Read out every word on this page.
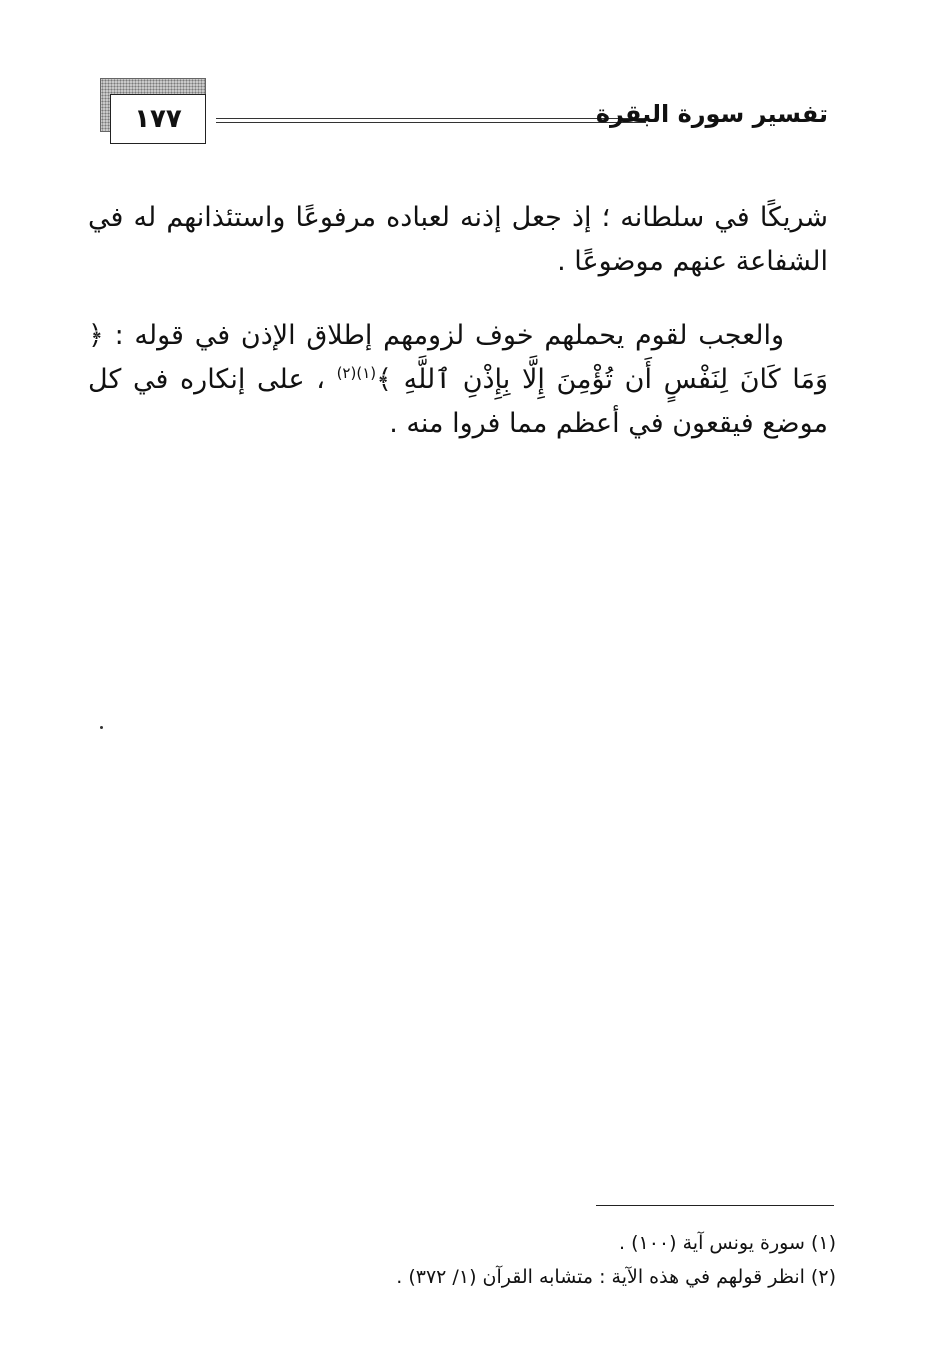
١٧٧	تفسير سورة البقرة

شريكًا في سلطانه ؛ إذ جعل إذنه لعباده مرفوعًا واستئذانهم له في الشفاعة عنهم موضوعًا .

والعجب لقوم يحملهم خوف لزومهم إطلاق الإذن في قوله : ﴿ وَمَا كَانَ لِنَفْسٍ أَن تُؤْمِنَ إِلَّا بِإِذْنِ ٱللَّهِ ﴾$^{(١)(٢)}$ ، على إنكاره في كل موضع فيقعون في أعظم مما فروا منه .

(١) سورة يونس آية (١٠٠) .
(٢) انظر قولهم في هذه الآية : متشابه القرآن (١/ ٣٧٢) .
